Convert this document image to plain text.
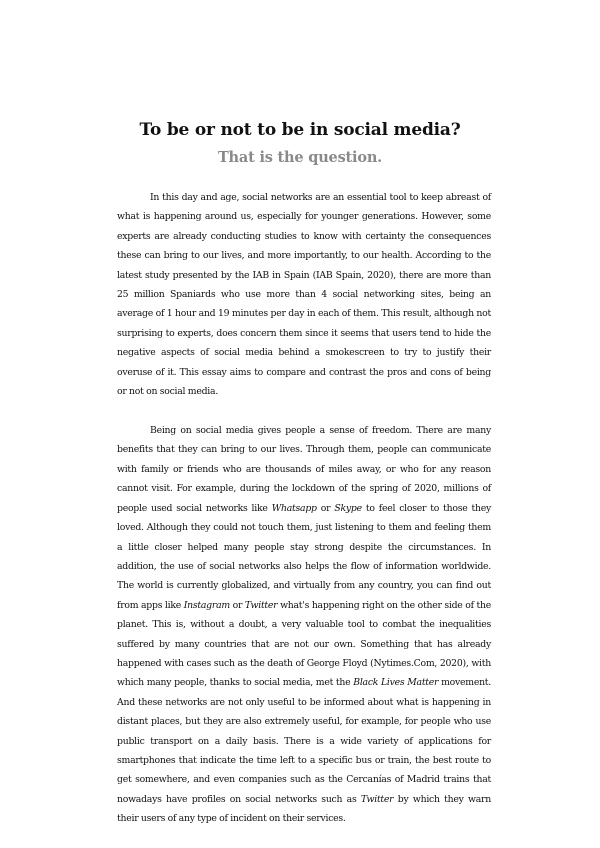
To be or not to be in social media?
That is the question.

In this day and age, social networks are an essential tool to keep abreast of what is happening around us, especially for younger generations. However, some experts are already conducting studies to know with certainty the consequences these can bring to our lives, and more importantly, to our health. According to the latest study presented by the IAB in Spain (IAB Spain, 2020), there are more than 25 million Spaniards who use more than 4 social networking sites, being an average of 1 hour and 19 minutes per day in each of them. This result, although not surprising to experts, does concern them since it seems that users tend to hide the negative aspects of social media behind a smokescreen to try to justify their overuse of it. This essay aims to compare and contrast the pros and cons of being or not on social media.

Being on social media gives people a sense of freedom. There are many benefits that they can bring to our lives. Through them, people can communicate with family or friends who are thousands of miles away, or who for any reason cannot visit. For example, during the lockdown of the spring of 2020, millions of people used social networks like Whatsapp or Skype to feel closer to those they loved. Although they could not touch them, just listening to them and feeling them a little closer helped many people stay strong despite the circumstances. In addition, the use of social networks also helps the flow of information worldwide. The world is currently globalized, and virtually from any country, you can find out from apps like Instagram or Twitter what's happening right on the other side of the planet. This is, without a doubt, a very valuable tool to combat the inequalities suffered by many countries that are not our own. Something that has already happened with cases such as the death of George Floyd (Nytimes.Com, 2020), with which many people, thanks to social media, met the Black Lives Matter movement. And these networks are not only useful to be informed about what is happening in distant places, but they are also extremely useful, for example, for people who use public transport on a daily basis. There is a wide variety of applications for smartphones that indicate the time left to a specific bus or train, the best route to get somewhere, and even companies such as the Cercanías of Madrid trains that nowadays have profiles on social networks such as Twitter by which they warn their users of any type of incident on their services.
